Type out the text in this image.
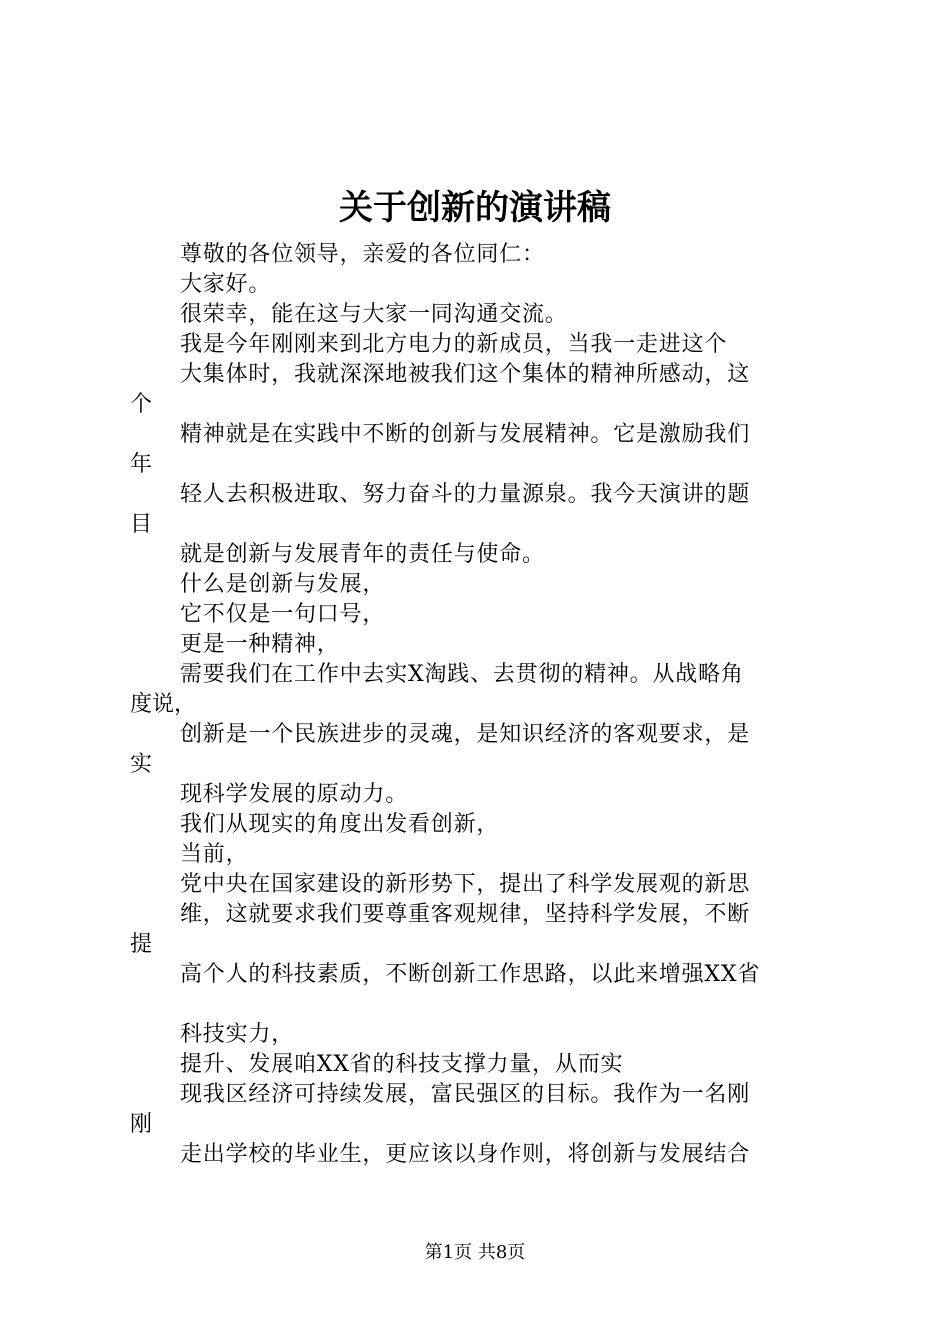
关于创新的演讲稿
尊敬的各位领导，亲爱的各位同仁：
大家好。
很荣幸，能在这与大家一同沟通交流。
我是今年刚刚来到北方电力的新成员，当我一走进这个
大集体时，我就深深地被我们这个集体的精神所感动，这
个
精神就是在实践中不断的创新与发展精神。它是激励我们
年
轻人去积极进取、努力奋斗的力量源泉。我今天演讲的题
目
就是创新与发展青年的责任与使命。
什么是创新与发展，
它不仅是一句口号，
更是一种精神，
需要我们在工作中去实X淘践、去贯彻的精神。从战略角
度说，
创新是一个民族进步的灵魂，是知识经济的客观要求，是
实
现科学发展的原动力。
我们从现实的角度出发看创新，
当前，
党中央在国家建设的新形势下，提出了科学发展观的新思
维，这就要求我们要尊重客观规律，坚持科学发展，不断
提
高个人的科技素质，不断创新工作思路，以此来增强XX省
科技实力，
提升、发展咱XX省的科技支撑力量，从而实
现我区经济可持续发展，富民强区的目标。我作为一名刚
刚
走出学校的毕业生，更应该以身作则，将创新与发展结合
第1页 共8页
